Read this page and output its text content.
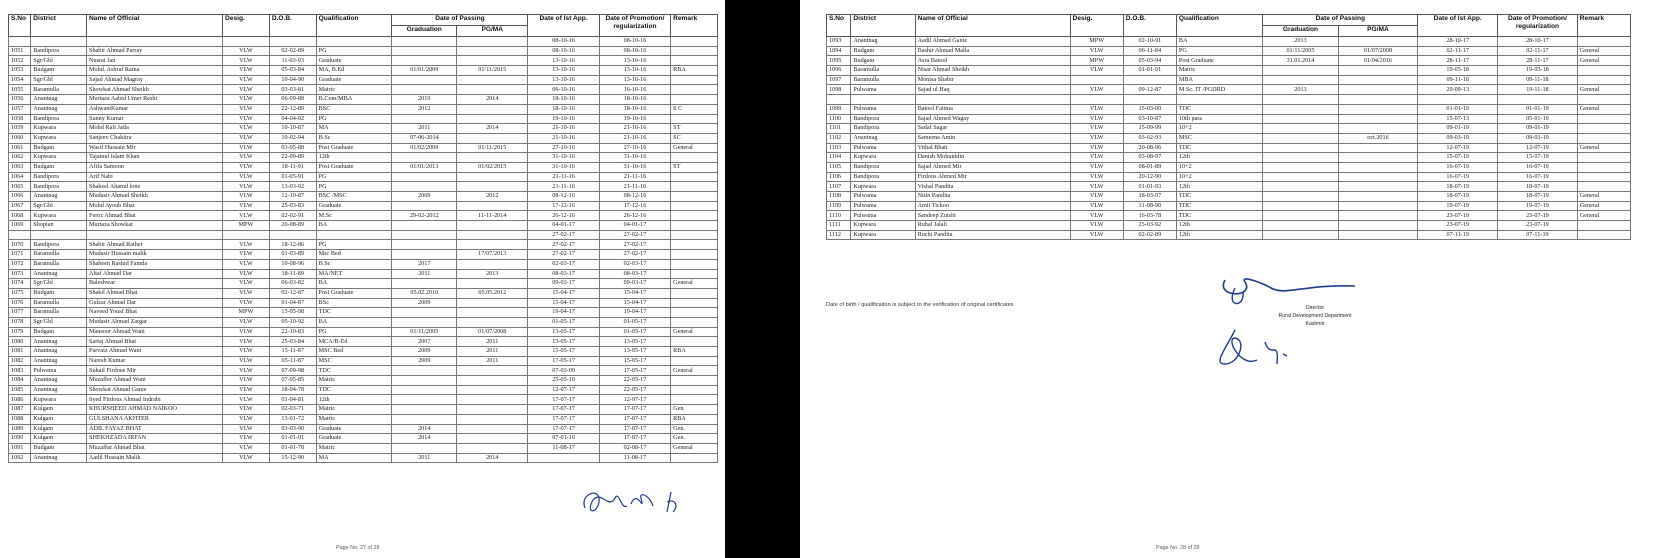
S.No	District	Name of Official	Desig.	D.O.B.	Qualification	Date of Passing		Date of Ist App.	Date of Promotion/ regularization	Remark
						Graduation	PG/MA			
								08-10-16	08-10-16	
1051	Bandipora	Shabir Ahmad Parray	VLW	02-02-89	PG			08-10-16	08-10-16	
1052	Sgr/Gbl	Nusrat Jan	VLW	11-03-93	Graduate			13-10-16	13-10-16	
1053	Budgam	Mohd. Ashraf Raina	VLW	05-03-84	MA, B.Ed	01/01/2009	01/11/2015	13-10-16	13-10-16	RBA
1054	Sgr/Gbl	Sajad Ahmad Magray	VLW	10-04-90	Graduate			13-10-16	13-10-16	
1055	Baramulla	Showkat Ahmad Sheikh	VLW	03-03-81	Matric			06-10-16	16-10-16	
1056	Anantnag	Murtaza Aabid Umer Reshi	VLW	06-09-88	B.Com/MBA	2010	2014	18-10-16	18-10-16	
1057	Anantnag	AshwaniKumar	VLW	22-12-89	BSC	2012		18-10-16	18-10-16	S C
1058	Bandipora	Sunny Kumar	VLW	04-04-92	PG			19-10-16	19-10-16	
1059	Kupwara	Mohd Rafi Jatla	VLW	10-10-87	MA	2011	2014	21-10-16	21-10-16	ST
1060	Kupwara	Sanjeev Chakitra	VLW	10-02-94	B.Sc	07-06-2014		21-10-16	21-10-16	SC
1061	Budgam	Wasif Hussain Mir	VLW	03-05-88	Post Graduate	01/02/2009	01/11/2015	27-10-16	27-10-16	General
1062	Kupwara	Tajamul Islam Khan	VLW	22-09-89	12th			31-10-16	31-10-16	
1063	Budgam	Afifa Samoon	VLW	18-11-91	Post Graduate	01/01/2013	01/02/2015	31-10-16	31-10-16	ST
1064	Bandipora	Arif Nabi	VLW	01-05-91	PG			21-11-16	21-11-16	
1065	Bandipora	Shakeel Ahamd lone	VLW	13-03-92	PG			21-11-16	21-11-16	
1066	Anantnag	Mudasir Ahmad Sheikh	VLW	12-10-87	BSC /MSC	2009	2012	08-12-16	08-12-16	
1067	Sgr/Gbl	Mohd Ayoub Bhat	VLW	25-03-83	Graduate			17-12-16	17-12-16	
1068	Kupwara	Feroz Ahmad Bhat	VLW	02-02-91	M.Sc	29-02-2012	11-11-2014	26-12-16	26-12-16	
1069	Shopian	Murtaza Showkat	MPW	20-08-89	BA			04-01-17	04-01-17	
								27-02-17	27-02-17	
1070	Bandipora	Shabir Ahmad Rather	VLW	18-12-86	PG			27-02-17	27-02-17	
1071	Baramulla	Mudasir Hussain malik	VLW	01-03-89	Msc Bed		17/07/2013	27-02-17	27-02-17	
1072	Baramulla	Shaheen Rashid Famda	VLW	10-08-96	B.Sc	2017		02-03-17	02-03-17	
1073	Anantnag	Altaf Ahmad Dar	VLW	18-11-89	MA/NET	2011	2013	08-03-17	08-03-17	
1074	Sgr/Gbl	Baleshwar	VLW	06-03-82	BA			09-03-17	09-03-17	General
1075	Budgam	Shakil Ahmad Bhat	VLW	02-12-87	Post Graduate	05.02.2010	05.05.2012	15-04-17	15-04-17	
1076	Baramulla	Gulzar Ahmad Dar	VLW	01-04-87	BSc	2009		15-04-17	15-04-17	
1077	Baramulla	Naveed Yousf Bhat	MPW	15-05-98	TDC			19-04-17	19-04-17	
1078	Sgr/Gbl	Mudasir Ahmad Zargar	VLW	05-10-92	BA			01-05-17	01-05-17	
1079	Budgam	Mansoor Ahmad Wani	VLW	22-10-83	PG	01/11/2005	01/07/2008	13-05-17	01-05-17	General
1080	Anantnag	Sartaj Ahmad Bhat	VLW	25-03-84	MCA/B-Ed	2007	2011	13-05-17	13-05-17	
1081	Anantnag	Parvaiz Ahmad Wani	VLW	15-11-87	MSC Bed	2009	2011	15-05-17	13-05-17	RBA
1082	Anantnag	Naresh Kumar	VLW	05-11-87	MSC	2009	2011	17-05-17	15-05-17	
1083	Pulwama	Suhail Firdous Mir	VLW	07-09-98	TDC			07-03-09	17-05-17	General
1084	Anantnag	Muzaffer Ahmad Wani	VLW	07-05-85	Matric			25-05-10	22-05-17	
1085	Anantnag	Showkat Ahmad Ganie	VLW	18-04-78	TDC			12-07-17	22-05-17	
1086	Kupwara	Syed Firdous Ahmad Indrabi	VLW	01-04-81	12th			17-07-17	12-07-17	
1087	Kulgam	KHURSHEED AHMAD NAIKOO	VLW	02-03-71	Matric			17-07-17	17-07-17	Gen.
1088	Kulgam	GULSHANA AKHTER	VLW	13-01-72	Matric			17-07-17	17-07-17	RBA
1089	Kulgam	ADIL FAYAZ BHAT	VLW	03-03-90	Graduate	2014		17-07-17	17-07-17	Gen.
1090	Kulgam	SHEKHZADA IRFAN	VLW	01-01-91	Graduate	2014		07-01-10	17-07-17	Gen.
1091	Budgam	Muzaffar Ahmad Bhat	VLW	01-01-78	Matric			11-08-17	02-08-17	General
1092	Anantnag	Aadil Hussain Malik	VLW	15-12-90	MA	2011	2014		11-08-17	
Page No. 27 of 28
S.No	District	Name of Official	Desig.	D.O.B.	Qualification	Date of Passing		Date of Ist App.	Date of Promotion/ regularization	Remark
						Graduation	PG/MA			
1093	Anantnag	Aadil Ahmad Ganie	MPW	02-10-91	BA	2013		28-10-17	28-10-17	
1094	Budgam	Bashir Ahmad Malla	VLW	06-11-84	PG	01/11/2005	01/07/2008	02-11-17	02-11-17	General
1095	Budgam	Asra Batool	MPW	05-03-94	Post Graduate	31.01.2014	01/04/2016	28-11-17	28-11-17	General
1096	Baramulla	Nisar Ahmad Sheikh	VLW	01-01-91	Matric			19-03-18	19-03-18	
1097	Baramulla	Monisa Shabir			MBA			09-11-18	09-11-18	
1098	Pulwama	Sajad ul Haq	VLW	09-12-87	M.Sc. IT /PGDRD	2013		20-09-13	19-11-18	General

1099	Pulwama	Batool Fatima	VLW	15-03-00	TDC			01-01-19	01-01-19	General
1100	Bandipora	Sajad Ahmed Wagay	VLW	03-10-87	10th pass			15-07-13	05-01-19	
1101	Bandipora	Sadaf Sagar	VLW	15-09-99	10+2			09-01-19	09-01-19	
1102	Anantnag	Sameena Amin	VLW	03-02-93	MSC		oct.2016	09-03-19	09-03-19	
1103	Pulwama	Vithal Bhatt	VLW	20-08-96	TDC			12-07-19	12-07-19	General
1104	Kupwara	Danish Mohuiddin	VLW	03-08-97	12th			15-07-19	15-07-19	
1105	Bandipora	Sajad Ahmed Mir	VLW	08-01-89	10+2			16-07-19	16-07-19	
1106	Bandipora	Firdous Ahmed Mir	VLW	20-12-90	10+2			16-07-19	16-07-19	
1107	Kupwara	Vishal Pandita	VLW	01-01-93	12th			18-07-19	18-07-19	
1108	Pulwama	Nitin Pandita	VLW	18-03-97	TDC			18-07-19	18-07-19	General
1109	Pulwama	Amit Tickoo	VLW	31-08-90	TDC			19-07-19	19-07-19	General
1110	Pulwama	Sandeep Zutshi	VLW	16-03-78	TDC			23-07-19	23-07-19	General
1111	Kupwara	Ruhal Jalali	VLW	25-03-92	12th			23-07-19	23-07-19	
1112	Kupwara	Ruchi Pandita	VLW	02-02-89	12th			07-11-19	07-11-19	
Date of birth / qualificaiton is subject to the verification of original certificates	Director
Rural Development Department
Kashmir
Page No. 28 of 28
